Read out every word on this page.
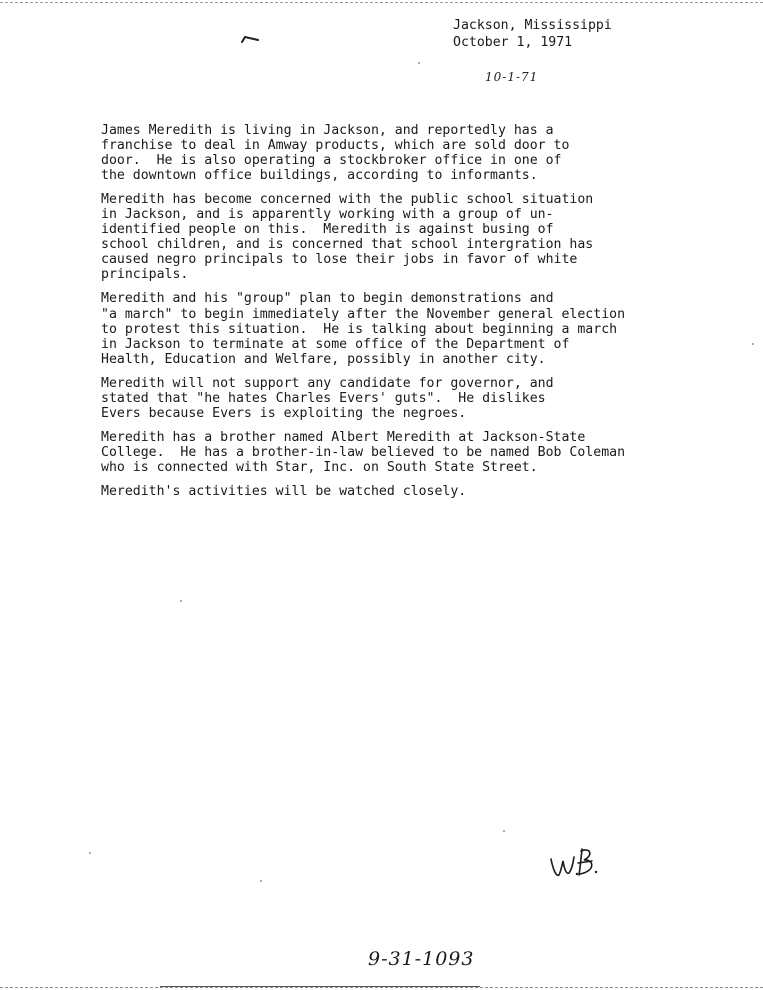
Jackson, Mississippi
October 1, 1971
10-1-71

James Meredith is living in Jackson, and reportedly has a
franchise to deal in Amway products, which are sold door to
door.  He is also operating a stockbroker office in one of
the downtown office buildings, according to informants.

Meredith has become concerned with the public school situation
in Jackson, and is apparently working with a group of un-
identified people on this.  Meredith is against busing of
school children, and is concerned that school intergration has
caused negro principals to lose their jobs in favor of white
principals.

Meredith and his "group" plan to begin demonstrations and
"a march" to begin immediately after the November general election
to protest this situation.  He is talking about beginning a march
in Jackson to terminate at some office of the Department of
Health, Education and Welfare, possibly in another city.

Meredith will not support any candidate for governor, and
stated that "he hates Charles Evers' guts".  He dislikes
Evers because Evers is exploiting the negroes.

Meredith has a brother named Albert Meredith at Jackson-State
College.  He has a brother-in-law believed to be named Bob Coleman
who is connected with Star, Inc. on South State Street.

Meredith's activities will be watched closely.

9-31-1093
